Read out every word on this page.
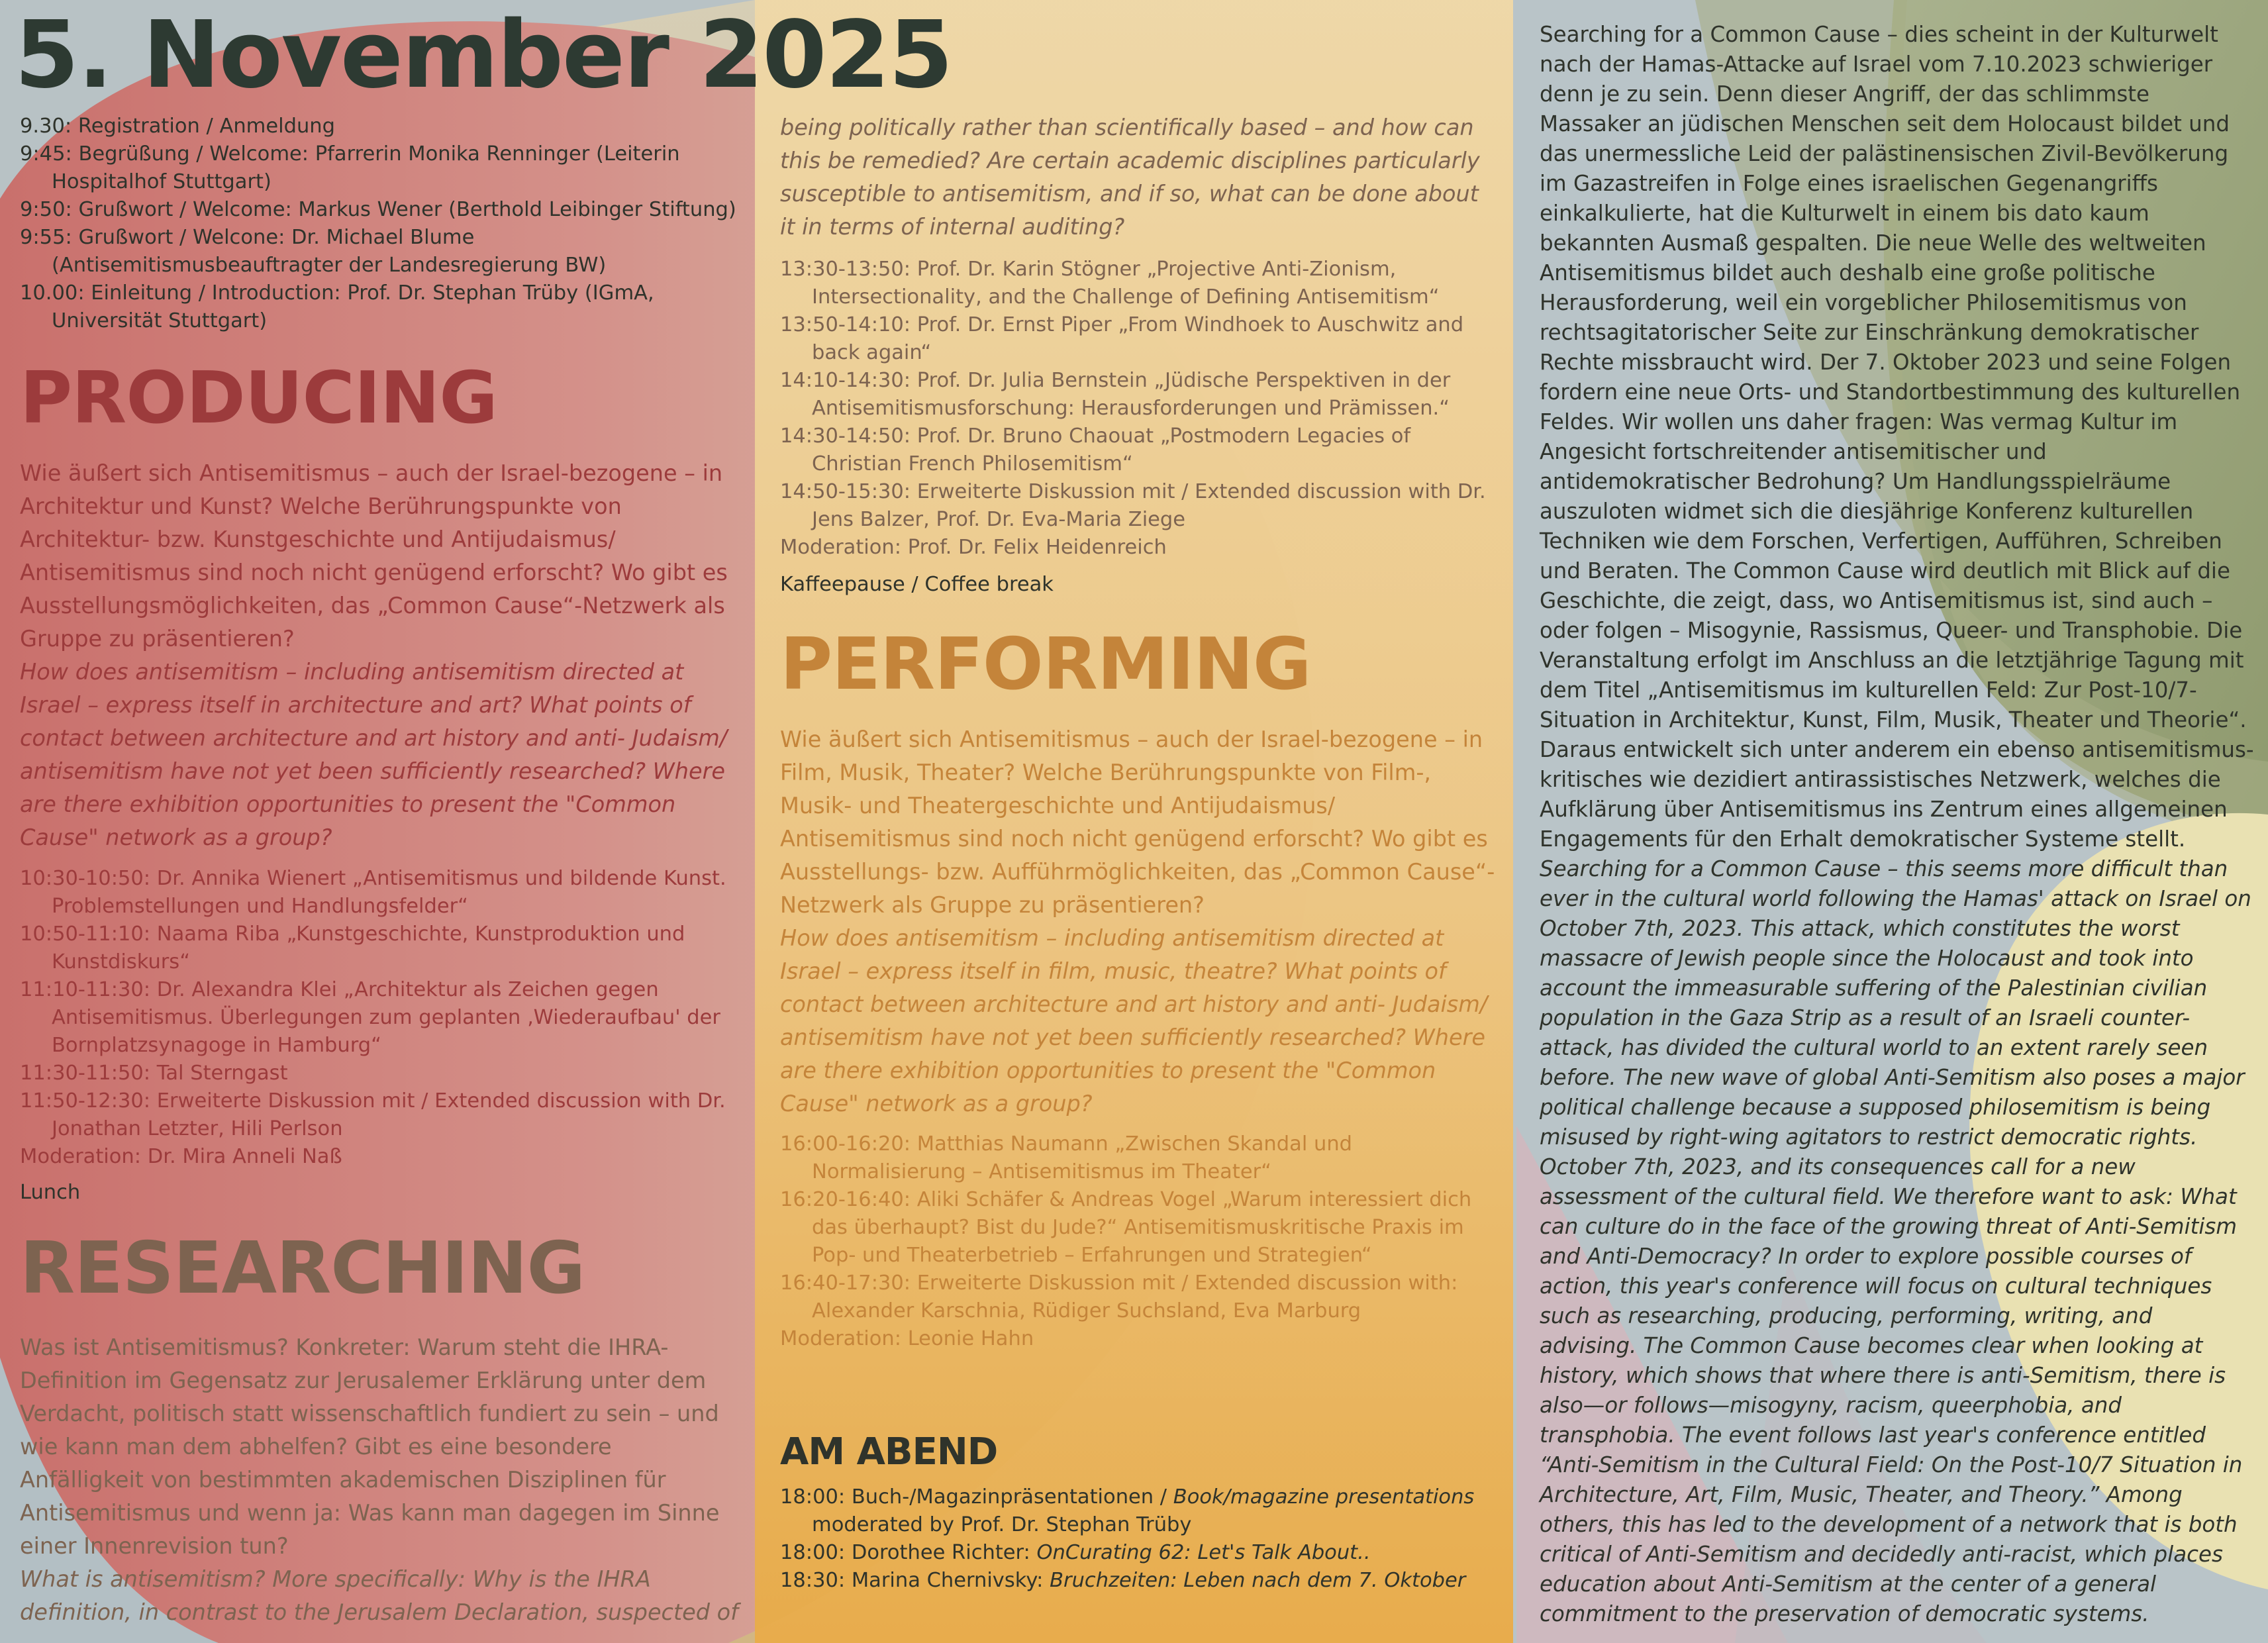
5. November 2025
9.30: Registration / Anmeldung
9:45: Begrüßung / Welcome: Pfarrerin Monika Renninger (Leiterin Hospitalhof Stuttgart)
9:50: Grußwort / Welcome: Markus Wener (Berthold Leibinger Stiftung)
9:55: Grußwort / Welcone: Dr. Michael Blume (Antisemitismusbeauftragter der Landesregierung BW)
10.00: Einleitung / Introduction: Prof. Dr. Stephan Trüby (IGmA, Universität Stuttgart)
PRODUCING

Wie äußert sich Antisemitismus – auch der Israel-bezogene – in Architektur und Kunst? Welche Berührungspunkte von Architektur- bzw. Kunstgeschichte und Antijudaismus/ Antisemitismus sind noch nicht genügend erforscht? Wo gibt es Ausstellungsmöglichkeiten, das „Common Cause“-Netzwerk als Gruppe zu präsentieren?

How does antisemitism – including antisemitism directed at Israel – express itself in architecture and art? What points of contact between architecture and art history and anti- Judaism/ antisemitism have not yet been sufficiently researched? Where are there exhibition opportunities to present the "Common Cause" network as a group?

10:30-10:50: Dr. Annika Wienert „Antisemitismus und bildende Kunst. Problemstellungen und Handlungsfelder“
10:50-11:10: Naama Riba „Kunstgeschichte, Kunstproduktion und Kunstdiskurs“
11:10-11:30: Dr. Alexandra Klei „Architektur als Zeichen gegen Antisemitismus. Überlegungen zum geplanten ‚Wiederaufbau' der Bornplatzsynagoge in Hamburg“
11:30-11:50: Tal Sterngast
11:50-12:30: Erweiterte Diskussion mit / Extended discussion with Dr. Jonathan Letzter, Hili Perlson
Moderation: Dr. Mira Anneli Naß

Lunch

RESEARCHING

Was ist Antisemitismus? Konkreter: Warum steht die IHRA-Definition im Gegensatz zur Jerusalemer Erklärung unter dem Verdacht, politisch statt wissenschaftlich fundiert zu sein – und wie kann man dem abhelfen? Gibt es eine besondere Anfälligkeit von bestimmten akademischen Disziplinen für Antisemitismus und wenn ja: Was kann man dagegen im Sinne einer Innenrevision tun?

What is antisemitism? More specifically: Why is the IHRA definition, in contrast to the Jerusalem Declaration, suspected of

being politically rather than scientifically based – and how can this be remedied? Are certain academic disciplines particularly susceptible to antisemitism, and if so, what can be done about it in terms of internal auditing?

13:30-13:50: Prof. Dr. Karin Stögner „Projective Anti-Zionism, Intersectionality, and the Challenge of Defining Antisemitism“
13:50-14:10: Prof. Dr. Ernst Piper „From Windhoek to Auschwitz and back again“
14:10-14:30: Prof. Dr. Julia Bernstein „Jüdische Perspektiven in der Antisemitismusforschung: Herausforderungen und Prämissen.“
14:30-14:50: Prof. Dr. Bruno Chaouat „Postmodern Legacies of Christian French Philosemitism“
14:50-15:30: Erweiterte Diskussion mit / Extended discussion with Dr. Jens Balzer, Prof. Dr. Eva-Maria Ziege
Moderation: Prof. Dr. Felix Heidenreich

Kaffeepause / Coffee break

PERFORMING

Wie äußert sich Antisemitismus – auch der Israel-bezogene – in Film, Musik, Theater? Welche Berührungspunkte von Film-, Musik- und Theatergeschichte und Antijudaismus/ Antisemitismus sind noch nicht genügend erforscht? Wo gibt es Ausstellungs- bzw. Aufführmöglichkeiten, das „Common Cause“-Netzwerk als Gruppe zu präsentieren?

How does antisemitism – including antisemitism directed at Israel – express itself in film, music, theatre? What points of contact between architecture and art history and anti- Judaism/ antisemitism have not yet been sufficiently researched? Where are there exhibition opportunities to present the "Common Cause" network as a group?

16:00-16:20: Matthias Naumann „Zwischen Skandal und Normalisierung – Antisemitismus im Theater“
16:20-16:40: Aliki Schäfer & Andreas Vogel „Warum interessiert dich das überhaupt? Bist du Jude?“ Antisemitismuskritische Praxis im Pop- und Theaterbetrieb – Erfahrungen und Strategien“
16:40-17:30: Erweiterte Diskussion mit / Extended discussion with: Alexander Karschnia, Rüdiger Suchsland, Eva Marburg
Moderation: Leonie Hahn
AM ABEND
18:00: Buch-/Magazinpräsentationen / Book/magazine presentations moderated by Prof. Dr. Stephan Trüby
18:00: Dorothee Richter: OnCurating 62: Let's Talk About..
18:30: Marina Chernivsky: Bruchzeiten: Leben nach dem 7. Oktober

Searching for a Common Cause – dies scheint in der Kulturwelt nach der Hamas-Attacke auf Israel vom 7.10.2023 schwieriger denn je zu sein. Denn dieser Angriff, der das schlimmste Massaker an jüdischen Menschen seit dem Holocaust bildet und das unermessliche Leid der palästinensischen Zivil-Bevölkerung im Gazastreifen in Folge eines israelischen Gegenangriffs einkalkulierte, hat die Kulturwelt in einem bis dato kaum bekannten Ausmaß gespalten. Die neue Welle des weltweiten Antisemitismus bildet auch deshalb eine große politische Herausforderung, weil ein vorgeblicher Philosemitismus von rechtsagitatorischer Seite zur Einschränkung demokratischer Rechte missbraucht wird. Der 7. Oktober 2023 und seine Folgen fordern eine neue Orts- und Standortbestimmung des kulturellen Feldes. Wir wollen uns daher fragen: Was vermag Kultur im Angesicht fortschreitender antisemitischer und antidemokratischer Bedrohung? Um Handlungsspielräume auszuloten widmet sich die diesjährige Konferenz kulturellen Techniken wie dem Forschen, Verfertigen, Aufführen, Schreiben und Beraten. The Common Cause wird deutlich mit Blick auf die Geschichte, die zeigt, dass, wo Antisemitismus ist, sind auch – oder folgen – Misogynie, Rassismus, Queer- und Transphobie. Die Veranstaltung erfolgt im Anschluss an die letztjährige Tagung mit dem Titel „Antisemitismus im kulturellen Feld: Zur Post-10/7-Situation in Architektur, Kunst, Film, Musik, Theater und Theorie“. Daraus entwickelt sich unter anderem ein ebenso antisemitismus-kritisches wie dezidiert antirassistisches Netzwerk, welches die Aufklärung über Antisemitismus ins Zentrum eines allgemeinen Engagements für den Erhalt demokratischer Systeme stellt.

Searching for a Common Cause – this seems more difficult than ever in the cultural world following the Hamas' attack on Israel on October 7th, 2023. This attack, which constitutes the worst massacre of Jewish people since the Holocaust and took into account the immeasurable suffering of the Palestinian civilian population in the Gaza Strip as a result of an Israeli counter-attack, has divided the cultural world to an extent rarely seen before. The new wave of global Anti-Semitism also poses a major political challenge because a supposed philosemitism is being misused by right-wing agitators to restrict democratic rights. October 7th, 2023, and its consequences call for a new assessment of the cultural field. We therefore want to ask: What can culture do in the face of the growing threat of Anti-Semitism and Anti-Democracy? In order to explore possible courses of action, this year's conference will focus on cultural techniques such as researching, producing, performing, writing, and advising. The Common Cause becomes clear when looking at history, which shows that where there is anti-Semitism, there is also—or follows—misogyny, racism, queerphobia, and transphobia. The event follows last year's conference entitled “Anti-Semitism in the Cultural Field: On the Post-10/7 Situation in Architecture, Art, Film, Music, Theater, and Theory.” Among others, this has led to the development of a network that is both critical of Anti-Semitism and decidedly anti-racist, which places education about Anti-Semitism at the center of a general commitment to the preservation of democratic systems.
